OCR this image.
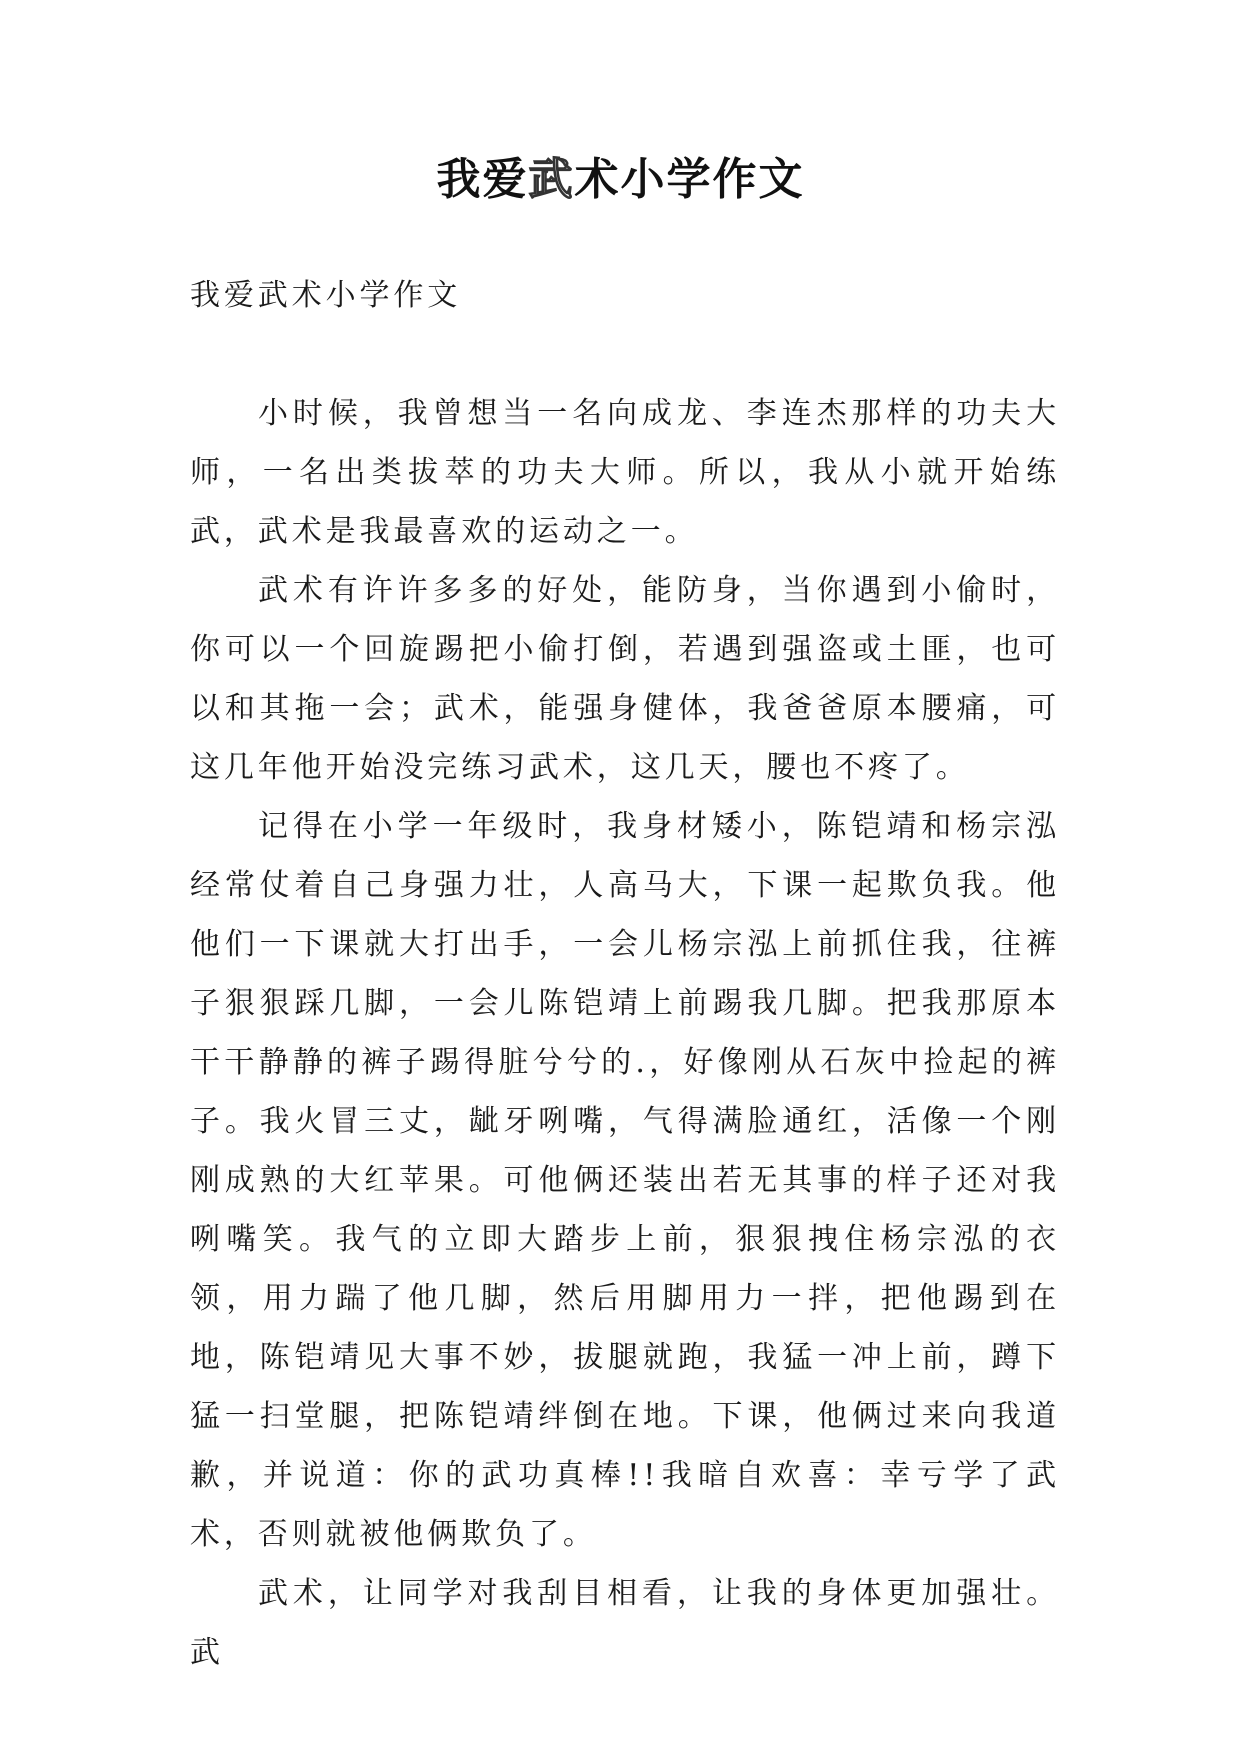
我爱武术小学作文

我爱武术小学作文

小时候，我曾想当一名向成龙、李连杰那样的功夫大师，一名出类拔萃的功夫大师。所以，我从小就开始练武，武术是我最喜欢的运动之一。

武术有许许多多的好处，能防身，当你遇到小偷时，你可以一个回旋踢把小偷打倒，若遇到强盗或土匪，也可以和其拖一会；武术，能强身健体，我爸爸原本腰痛，可这几年他开始没完练习武术，这几天，腰也不疼了。

记得在小学一年级时，我身材矮小，陈铠靖和杨宗泓经常仗着自己身强力壮，人高马大，下课一起欺负我。他他们一下课就大打出手，一会儿杨宗泓上前抓住我，往裤子狠狠踩几脚，一会儿陈铠靖上前踢我几脚。把我那原本干干静静的裤子踢得脏兮兮的.，好像刚从石灰中捡起的裤子。我火冒三丈，龇牙咧嘴，气得满脸通红，活像一个刚刚成熟的大红苹果。可他俩还装出若无其事的样子还对我咧嘴笑。我气的立即大踏步上前，狠狠拽住杨宗泓的衣领，用力踹了他几脚，然后用脚用力一拌，把他踢到在地，陈铠靖见大事不妙，拔腿就跑，我猛一冲上前，蹲下猛一扫堂腿，把陈铠靖绊倒在地。下课，他俩过来向我道歉，并说道：你的武功真棒!!我暗自欢喜：幸亏学了武术，否则就被他俩欺负了。

武术，让同学对我刮目相看，让我的身体更加强壮。武
